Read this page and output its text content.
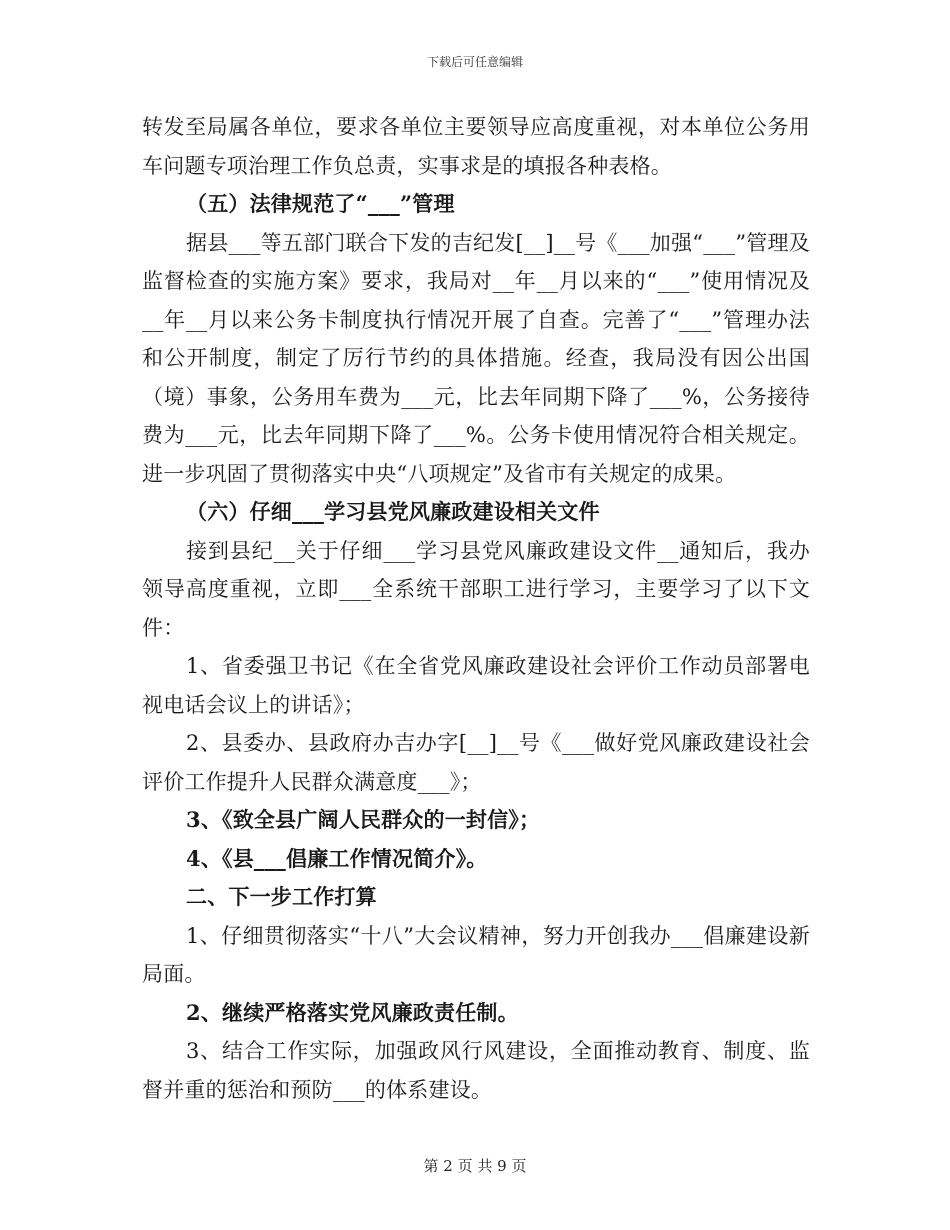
下载后可任意编辑

转发至局属各单位，要求各单位主要领导应高度重视，对本单位公务用车问题专项治理工作负总责，实事求是的填报各种表格。

（五）法律规范了“___”管理

据县___等五部门联合下发的吉纪发[__]__号《___加强“___”管理及监督检查的实施方案》要求，我局对__年__月以来的“___”使用情况及__年__月以来公务卡制度执行情况开展了自查。完善了“___”管理办法和公开制度，制定了厉行节约的具体措施。经查，我局没有因公出国（境）事象，公务用车费为___元，比去年同期下降了___%，公务接待费为___元，比去年同期下降了___%。公务卡使用情况符合相关规定。进一步巩固了贯彻落实中央“八项规定”及省市有关规定的成果。

（六）仔细___学习县党风廉政建设相关文件

接到县纪__关于仔细___学习县党风廉政建设文件__通知后，我办领导高度重视，立即___全系统干部职工进行学习，主要学习了以下文件：

1、省委强卫书记《在全省党风廉政建设社会评价工作动员部署电视电话会议上的讲话》；

2、县委办、县政府办吉办字[__]__号《___做好党风廉政建设社会评价工作提升人民群众满意度___》；

3、《致全县广阔人民群众的一封信》；

4、《县___倡廉工作情况简介》。

二、下一步工作打算

1、仔细贯彻落实“十八”大会议精神，努力开创我办___倡廉建设新局面。

2、继续严格落实党风廉政责任制。

3、结合工作实际，加强政风行风建设，全面推动教育、制度、监督并重的惩治和预防___的体系建设。

第 2 页 共 9 页
